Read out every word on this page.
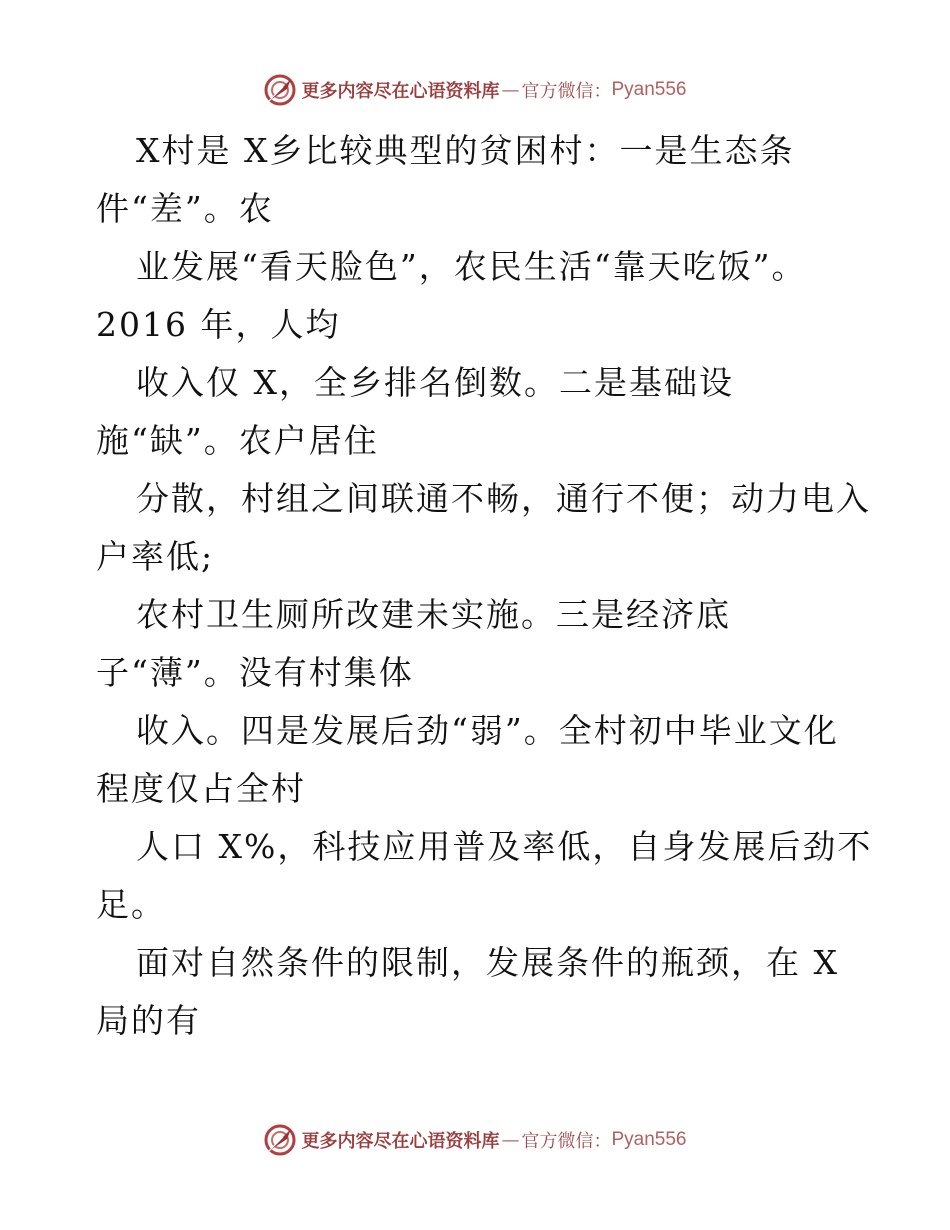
更多内容尽在心语资料库 — 官方微信： Pyan556
X村是 X乡比较典型的贫困村：一是生态条
件“差”。农
业发展“看天脸色”，农民生活“靠天吃饭”。
2016 年，人均
收入仅 X，全乡排名倒数。二是基础设
施“缺”。农户居住
分散，村组之间联通不畅，通行不便；动力电入
户率低;
农村卫生厕所改建未实施。三是经济底
子“薄”。没有村集体
收入。四是发展后劲“弱”。全村初中毕业文化
程度仅占全村
人口 X%，科技应用普及率低，自身发展后劲不
足。
面对自然条件的限制，发展条件的瓶颈，在 X
局的有
更多内容尽在心语资料库 — 官方微信： Pyan556
